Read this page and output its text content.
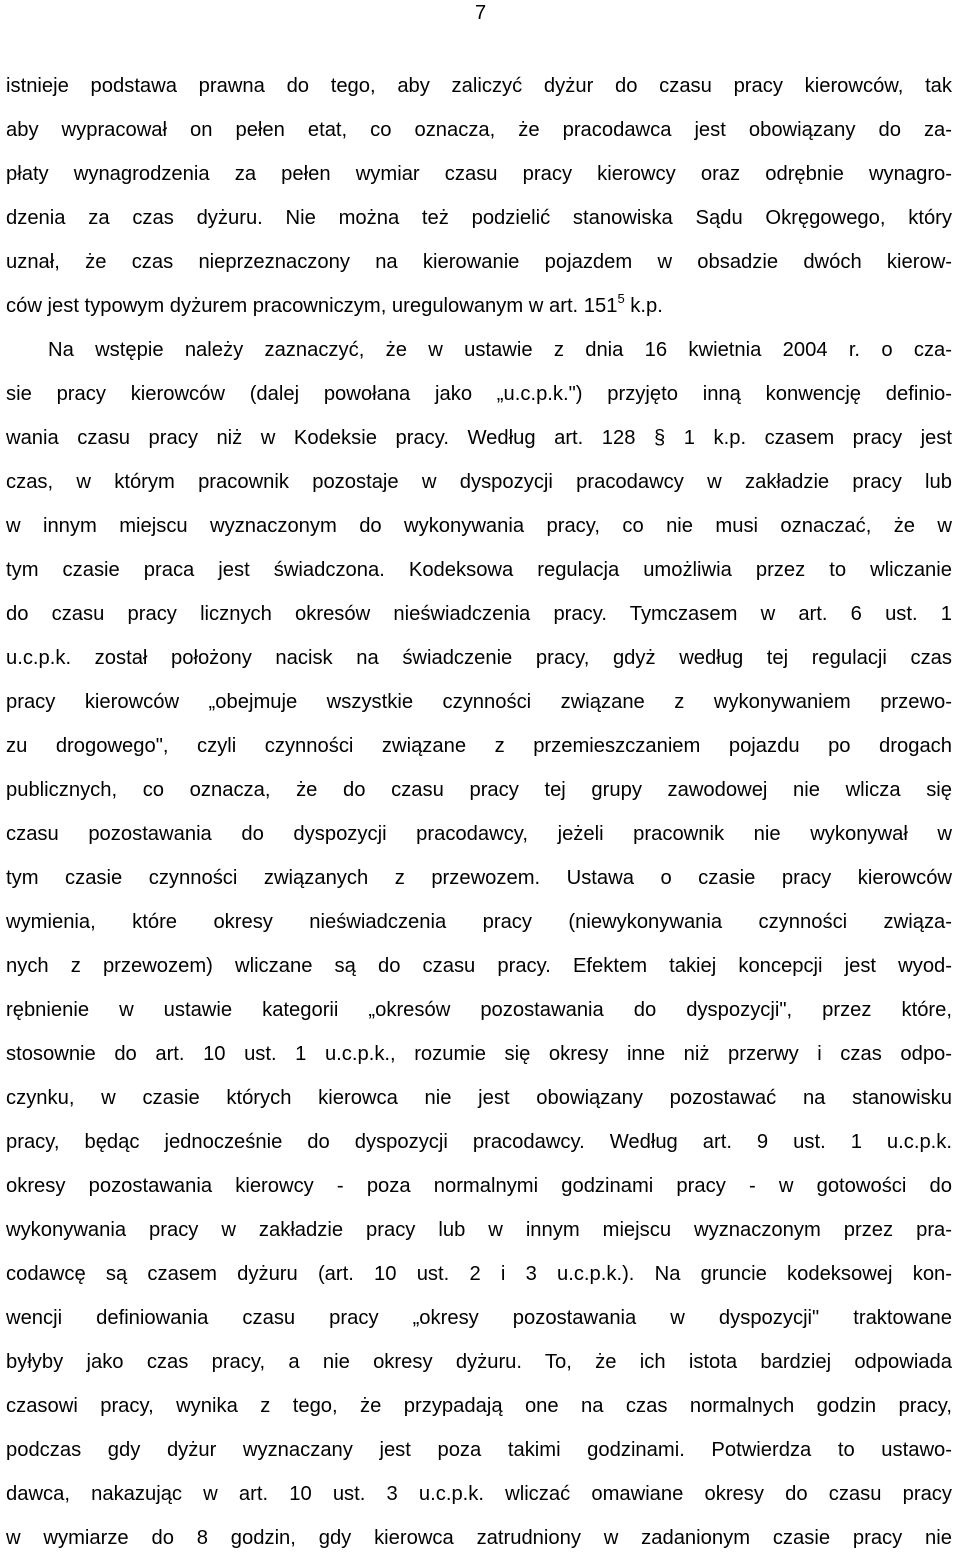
7
istnieje podstawa prawna do tego, aby zaliczyć dyżur do czasu pracy kierowców, tak
aby wypracował on pełen etat, co oznacza, że pracodawca jest obowiązany do za-
płaty wynagrodzenia za pełen wymiar czasu pracy kierowcy oraz odrębnie wynagro-
dzenia za czas dyżuru. Nie można też podzielić stanowiska Sądu Okręgowego, który
uznał, że czas nieprzeznaczony na kierowanie pojazdem w obsadzie dwóch kierow-
ców jest typowym dyżurem pracowniczym, uregulowanym w art. $151^5$ k.p.
Na wstępie należy zaznaczyć, że w ustawie z dnia 16 kwietnia 2004 r. o cza-
sie pracy kierowców (dalej powołana jako „u.c.p.k.") przyjęto inną konwencję definio-
wania czasu pracy niż w Kodeksie pracy. Według art. 128 § 1 k.p. czasem pracy jest
czas, w którym pracownik pozostaje w dyspozycji pracodawcy w zakładzie pracy lub
w innym miejscu wyznaczonym do wykonywania pracy, co nie musi oznaczać, że w
tym czasie praca jest świadczona. Kodeksowa regulacja umożliwia przez to wliczanie
do czasu pracy licznych okresów nieświadczenia pracy. Tymczasem w art. 6 ust. 1
u.c.p.k. został położony nacisk na świadczenie pracy, gdyż według tej regulacji czas
pracy kierowców „obejmuje wszystkie czynności związane z wykonywaniem przewo-
zu drogowego", czyli czynności związane z przemieszczaniem pojazdu po drogach
publicznych, co oznacza, że do czasu pracy tej grupy zawodowej nie wlicza się
czasu pozostawania do dyspozycji pracodawcy, jeżeli pracownik nie wykonywał w
tym czasie czynności związanych z przewozem. Ustawa o czasie pracy kierowców
wymienia, które okresy nieświadczenia pracy (niewykonywania czynności związa-
nych z przewozem) wliczane są do czasu pracy. Efektem takiej koncepcji jest wyod-
rębnienie w ustawie kategorii „okresów pozostawania do dyspozycji", przez które,
stosownie do art. 10 ust. 1 u.c.p.k., rozumie się okresy inne niż przerwy i czas odpo-
czynku, w czasie których kierowca nie jest obowiązany pozostawać na stanowisku
pracy, będąc jednocześnie do dyspozycji pracodawcy. Według art. 9 ust. 1 u.c.p.k.
okresy pozostawania kierowcy - poza normalnymi godzinami pracy - w gotowości do
wykonywania pracy w zakładzie pracy lub w innym miejscu wyznaczonym przez pra-
codawcę są czasem dyżuru (art. 10 ust. 2 i 3 u.c.p.k.). Na gruncie kodeksowej kon-
wencji definiowania czasu pracy „okresy pozostawania w dyspozycji" traktowane
byłyby jako czas pracy, a nie okresy dyżuru. To, że ich istota bardziej odpowiada
czasowi pracy, wynika z tego, że przypadają one na czas normalnych godzin pracy,
podczas gdy dyżur wyznaczany jest poza takimi godzinami. Potwierdza to ustawo-
dawca, nakazując w art. 10 ust. 3 u.c.p.k. wliczać omawiane okresy do czasu pracy
w wymiarze do 8 godzin, gdy kierowca zatrudniony w zadanionym czasie pracy nie
